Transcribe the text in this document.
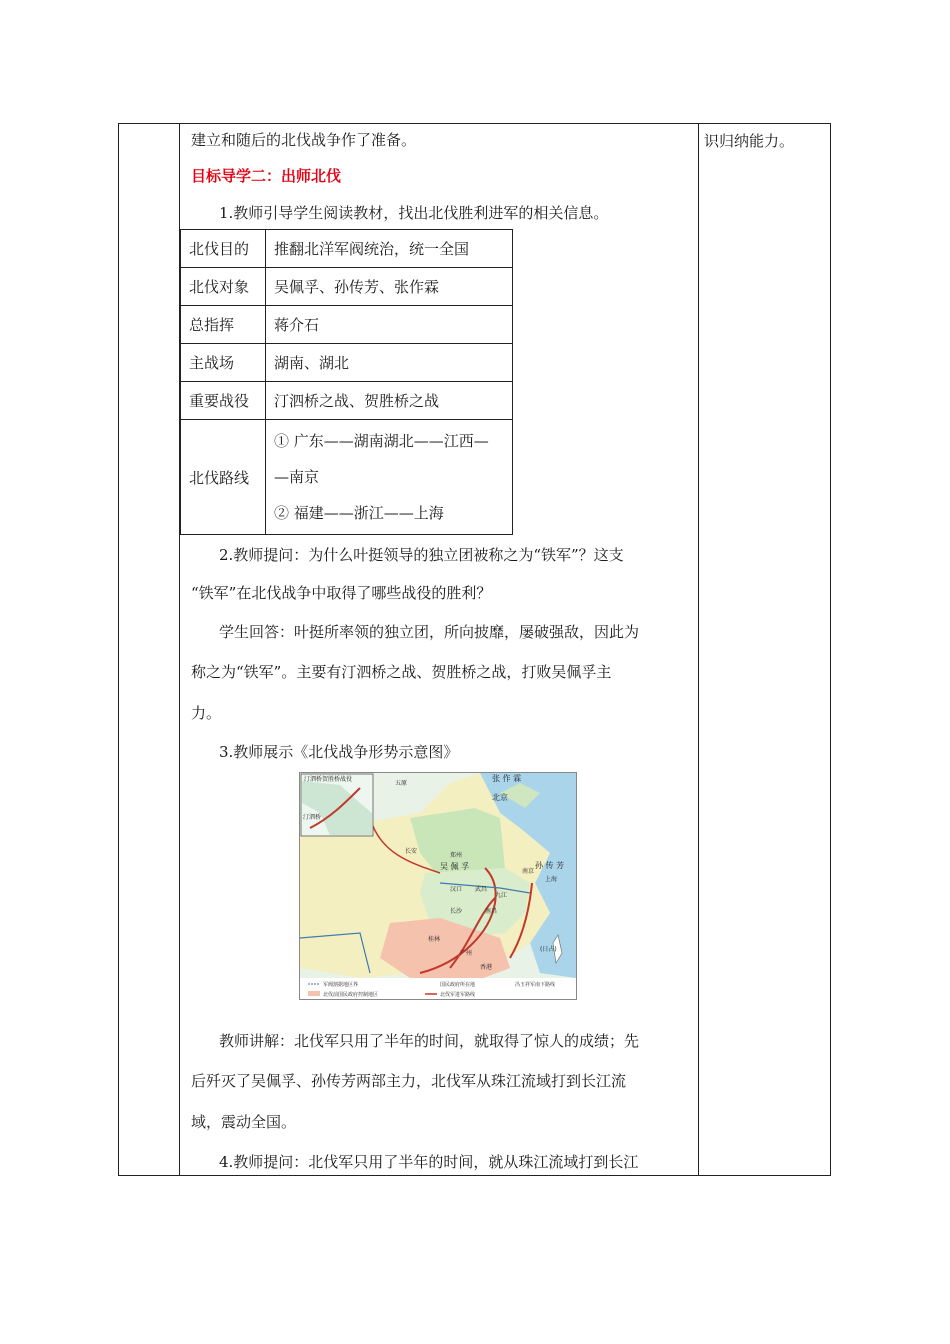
建立和随后的北伐战争作了准备。
目标导学二：出师北伐
1.教师引导学生阅读教材，找出北伐胜利进军的相关信息。
北伐目的	推翻北洋军阀统治，统一全国
北伐对象	吴佩孚、孙传芳、张作霖
总指挥	蒋介石
主战场	湖南、湖北
重要战役	汀泗桥之战、贺胜桥之战
北伐路线	① 广东——湖南湖北——江西—
—南京
② 福建——浙江——上海
2.教师提问：为什么叶挺领导的独立团被称之为“铁军”？这支
“铁军”在北伐战争中取得了哪些战役的胜利？
学生回答：叶挺所率领的独立团，所向披靡，屡破强敌，因此为
称之为“铁军”。主要有汀泗桥之战、贺胜桥之战，打败吴佩孚主
力。
3.教师展示《北伐战争形势示意图》
汀泗桥贺胜桥战役
汀泗桥
张 作 霖
五原
北京
长安
郑州
吴 佩 孚	孙 传 芳
南京
上海
汉口 武昌
九江
长沙	南昌
桂林
广州
香港
(日占)
军阀割据地区界	国民政府所在地	冯玉祥军南下路线
北伐前国民政府控制地区	北伐军进军路线
教师讲解：北伐军只用了半年的时间，就取得了惊人的成绩；先
后歼灭了吴佩孚、孙传芳两部主力，北伐军从珠江流域打到长江流
域，震动全国。
4.教师提问：北伐军只用了半年的时间，就从珠江流域打到长江
识归纳能力。
